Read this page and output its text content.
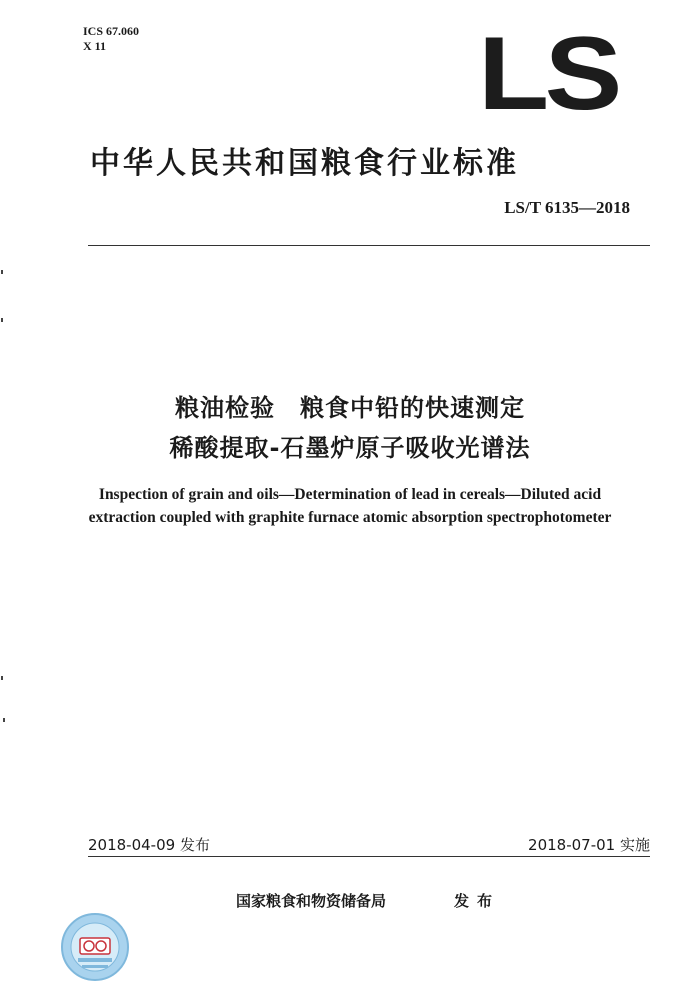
ICS 67.060
X 11	LS
中华人民共和国粮食行业标准
LS/T 6135—2018
粮油检验　粮食中铅的快速测定
稀酸提取-石墨炉原子吸收光谱法
Inspection of grain and oils—Determination of lead in cereals—Diluted acid
extraction coupled with graphite furnace atomic absorption spectrophotometer
2018-04-09 发布	2018-07-01 实施
国家粮食和物资储备局	发布
